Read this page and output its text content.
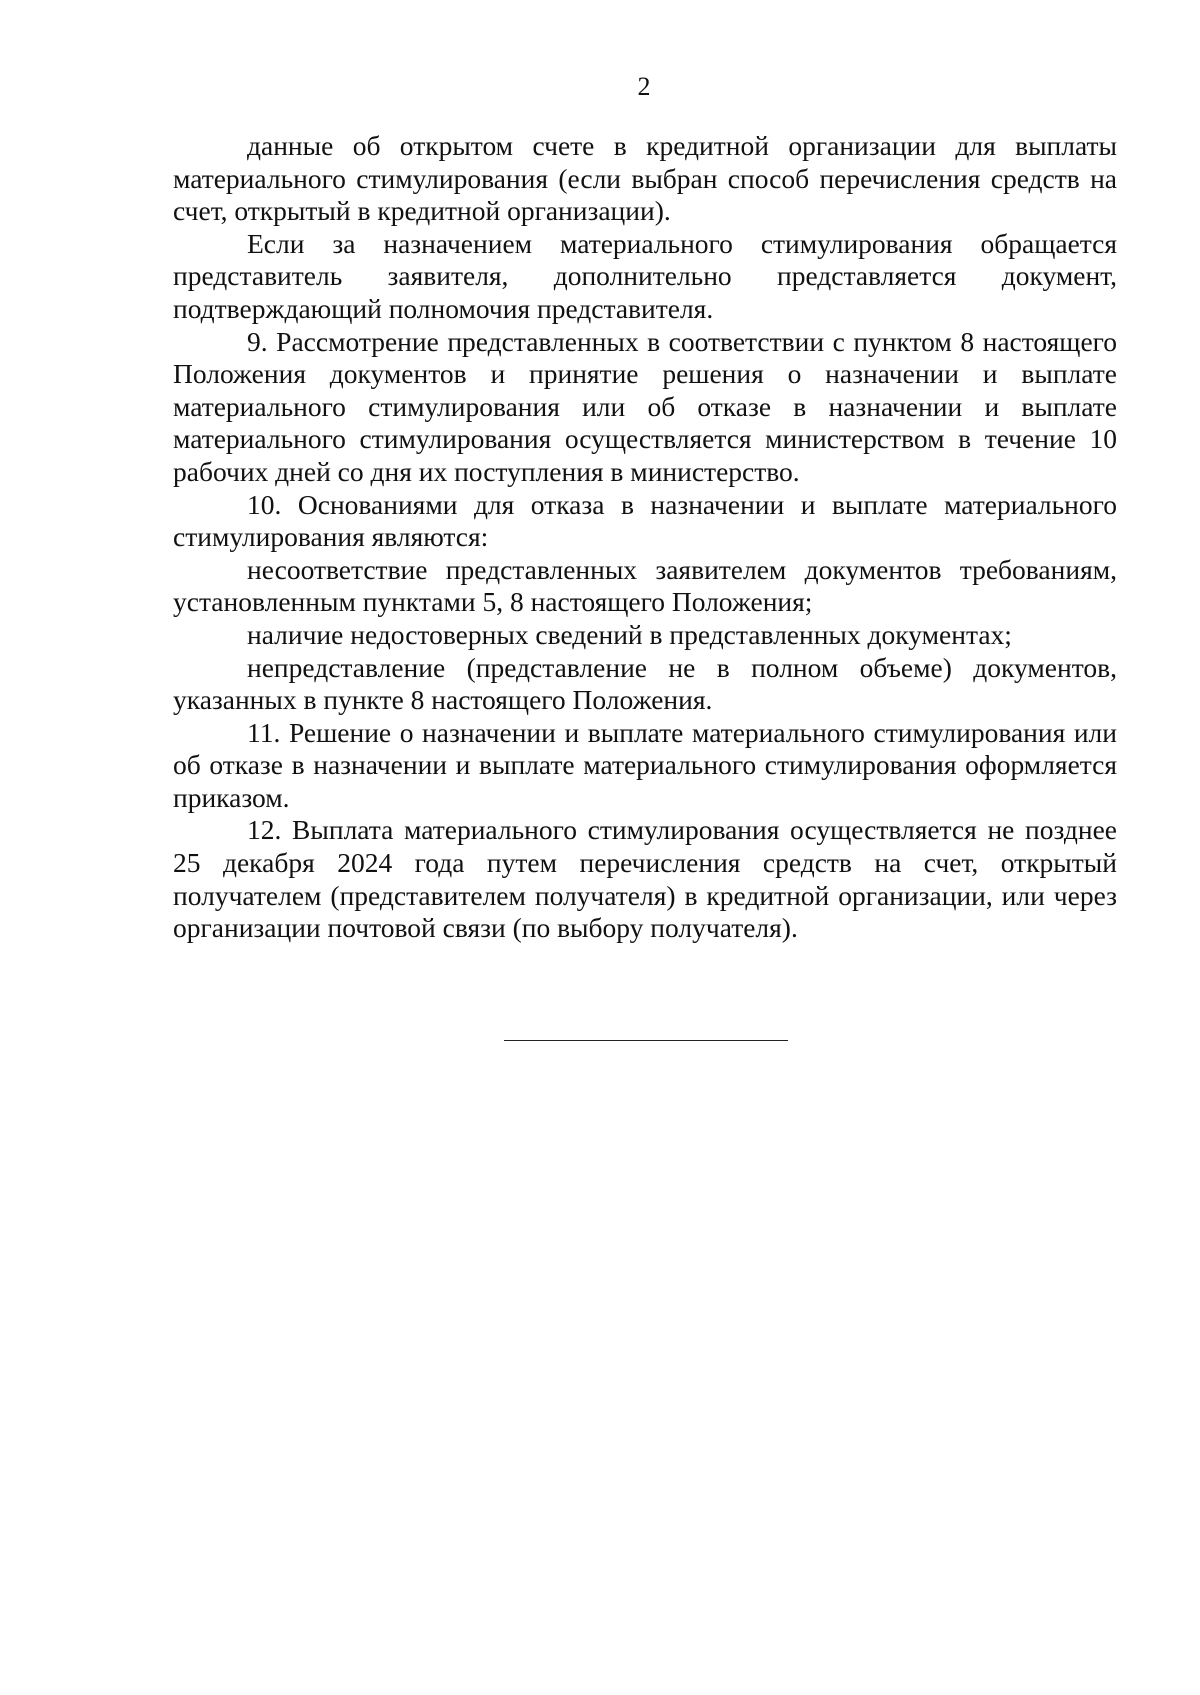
2

данные об открытом счете в кредитной организации для выплаты материального стимулирования (если выбран способ перечисления средств на счет, открытый в кредитной организации).

Если за назначением материального стимулирования обращается представитель заявителя, дополнительно представляется документ, подтверждающий полномочия представителя.

9. Рассмотрение представленных в соответствии с пунктом 8 настоящего Положения документов и принятие решения о назначении и выплате материального стимулирования или об отказе в назначении и выплате материального стимулирования осуществляется министерством в течение 10 рабочих дней со дня их поступления в министерство.

10. Основаниями для отказа в назначении и выплате материального стимулирования являются:

несоответствие представленных заявителем документов требованиям, установленным пунктами 5, 8 настоящего Положения;

наличие недостоверных сведений в представленных документах;

непредставление (представление не в полном объеме) документов, указанных в пункте 8 настоящего Положения.

11. Решение о назначении и выплате материального стимулирования или об отказе в назначении и выплате материального стимулирования оформляется приказом.

12. Выплата материального стимулирования осуществляется не позднее 25 декабря 2024 года путем перечисления средств на счет, открытый получателем (представителем получателя) в кредитной организации, или через организации почтовой связи (по выбору получателя).
